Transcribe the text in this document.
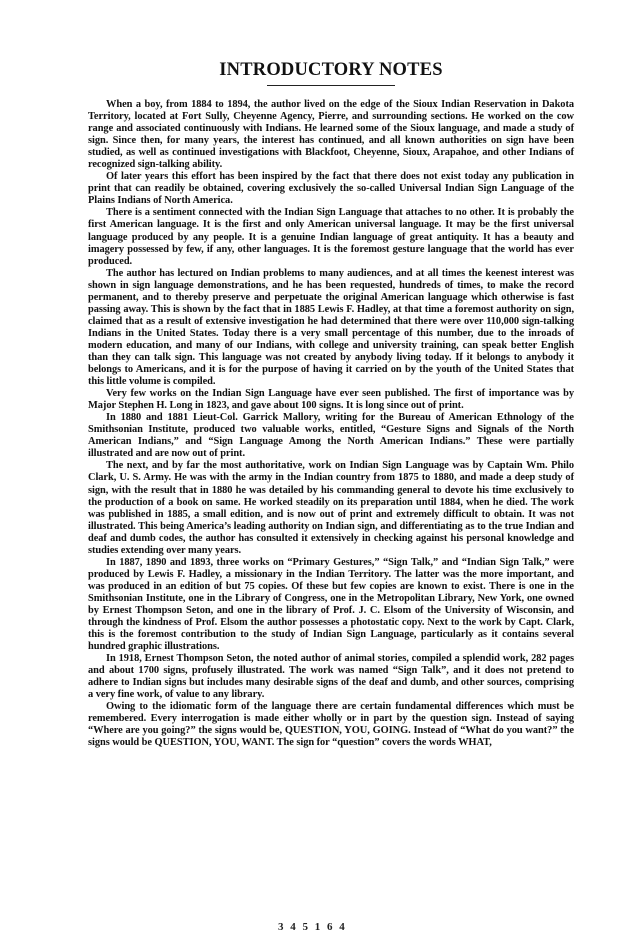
INTRODUCTORY NOTES

When a boy, from 1884 to 1894, the author lived on the edge of the Sioux Indian Reservation in Dakota Territory, located at Fort Sully, Cheyenne Agency, Pierre, and surrounding sections. He worked on the cow range and associated continuously with Indians. He learned some of the Sioux language, and made a study of sign. Since then, for many years, the interest has continued, and all known authorities on sign have been studied, as well as continued investigations with Blackfoot, Cheyenne, Sioux, Arapahoe, and other Indians of recognized sign-talking ability.

Of later years this effort has been inspired by the fact that there does not exist today any publication in print that can readily be obtained, covering exclusively the so-called Universal Indian Sign Language of the Plains Indians of North America.

There is a sentiment connected with the Indian Sign Language that attaches to no other. It is probably the first American language. It is the first and only American universal language. It may be the first universal language produced by any people. It is a genuine Indian language of great antiquity. It has a beauty and imagery possessed by few, if any, other languages. It is the foremost gesture language that the world has ever produced.

The author has lectured on Indian problems to many audiences, and at all times the keenest interest was shown in sign language demonstrations, and he has been requested, hundreds of times, to make the record permanent, and to thereby preserve and perpetuate the original American language which otherwise is fast passing away. This is shown by the fact that in 1885 Lewis F. Hadley, at that time a foremost authority on sign, claimed that as a result of extensive investigation he had determined that there were over 110,000 sign-talking Indians in the United States. Today there is a very small percentage of this number, due to the inroads of modern education, and many of our Indians, with college and university training, can speak better English than they can talk sign. This language was not created by anybody living today. If it belongs to anybody it belongs to Americans, and it is for the purpose of having it carried on by the youth of the United States that this little volume is compiled.

Very few works on the Indian Sign Language have ever seen published. The first of importance was by Major Stephen H. Long in 1823, and gave about 100 signs. It is long since out of print.

In 1880 and 1881 Lieut-Col. Garrick Mallory, writing for the Bureau of American Ethnology of the Smithsonian Institute, produced two valuable works, entitled, “Gesture Signs and Signals of the North American Indians,” and “Sign Language Among the North American Indians.” These were partially illustrated and are now out of print.

The next, and by far the most authoritative, work on Indian Sign Language was by Captain Wm. Philo Clark, U. S. Army. He was with the army in the Indian country from 1875 to 1880, and made a deep study of sign, with the result that in 1880 he was detailed by his commanding general to devote his time exclusively to the production of a book on same. He worked steadily on its preparation until 1884, when he died. The work was published in 1885, a small edition, and is now out of print and extremely difficult to obtain. It was not illustrated. This being America’s leading authority on Indian sign, and differentiating as to the true Indian and deaf and dumb codes, the author has consulted it extensively in checking against his personal knowledge and studies extending over many years.

In 1887, 1890 and 1893, three works on “Primary Gestures,” “Sign Talk,” and “Indian Sign Talk,” were produced by Lewis F. Hadley, a missionary in the Indian Territory. The latter was the more important, and was produced in an edition of but 75 copies. Of these but few copies are known to exist. There is one in the Smithsonian Institute, one in the Library of Congress, one in the Metropolitan Library, New York, one owned by Ernest Thompson Seton, and one in the library of Prof. J. C. Elsom of the University of Wisconsin, and through the kindness of Prof. Elsom the author possesses a photostatic copy. Next to the work by Capt. Clark, this is the foremost contribution to the study of Indian Sign Language, particularly as it contains several hundred graphic illustrations.

In 1918, Ernest Thompson Seton, the noted author of animal stories, compiled a splendid work, 282 pages and about 1700 signs, profusely illustrated. The work was named “Sign Talk”, and it does not pretend to adhere to Indian signs but includes many desirable signs of the deaf and dumb, and other sources, comprising a very fine work, of value to any library.

Owing to the idiomatic form of the language there are certain fundamental differences which must be remembered. Every interrogation is made either wholly or in part by the question sign. Instead of saying “Where are you going?” the signs would be, QUESTION, YOU, GOING. Instead of “What do you want?” the signs would be QUESTION, YOU, WANT. The sign for “question” covers the words WHAT,

3 4 5 1 6 4
